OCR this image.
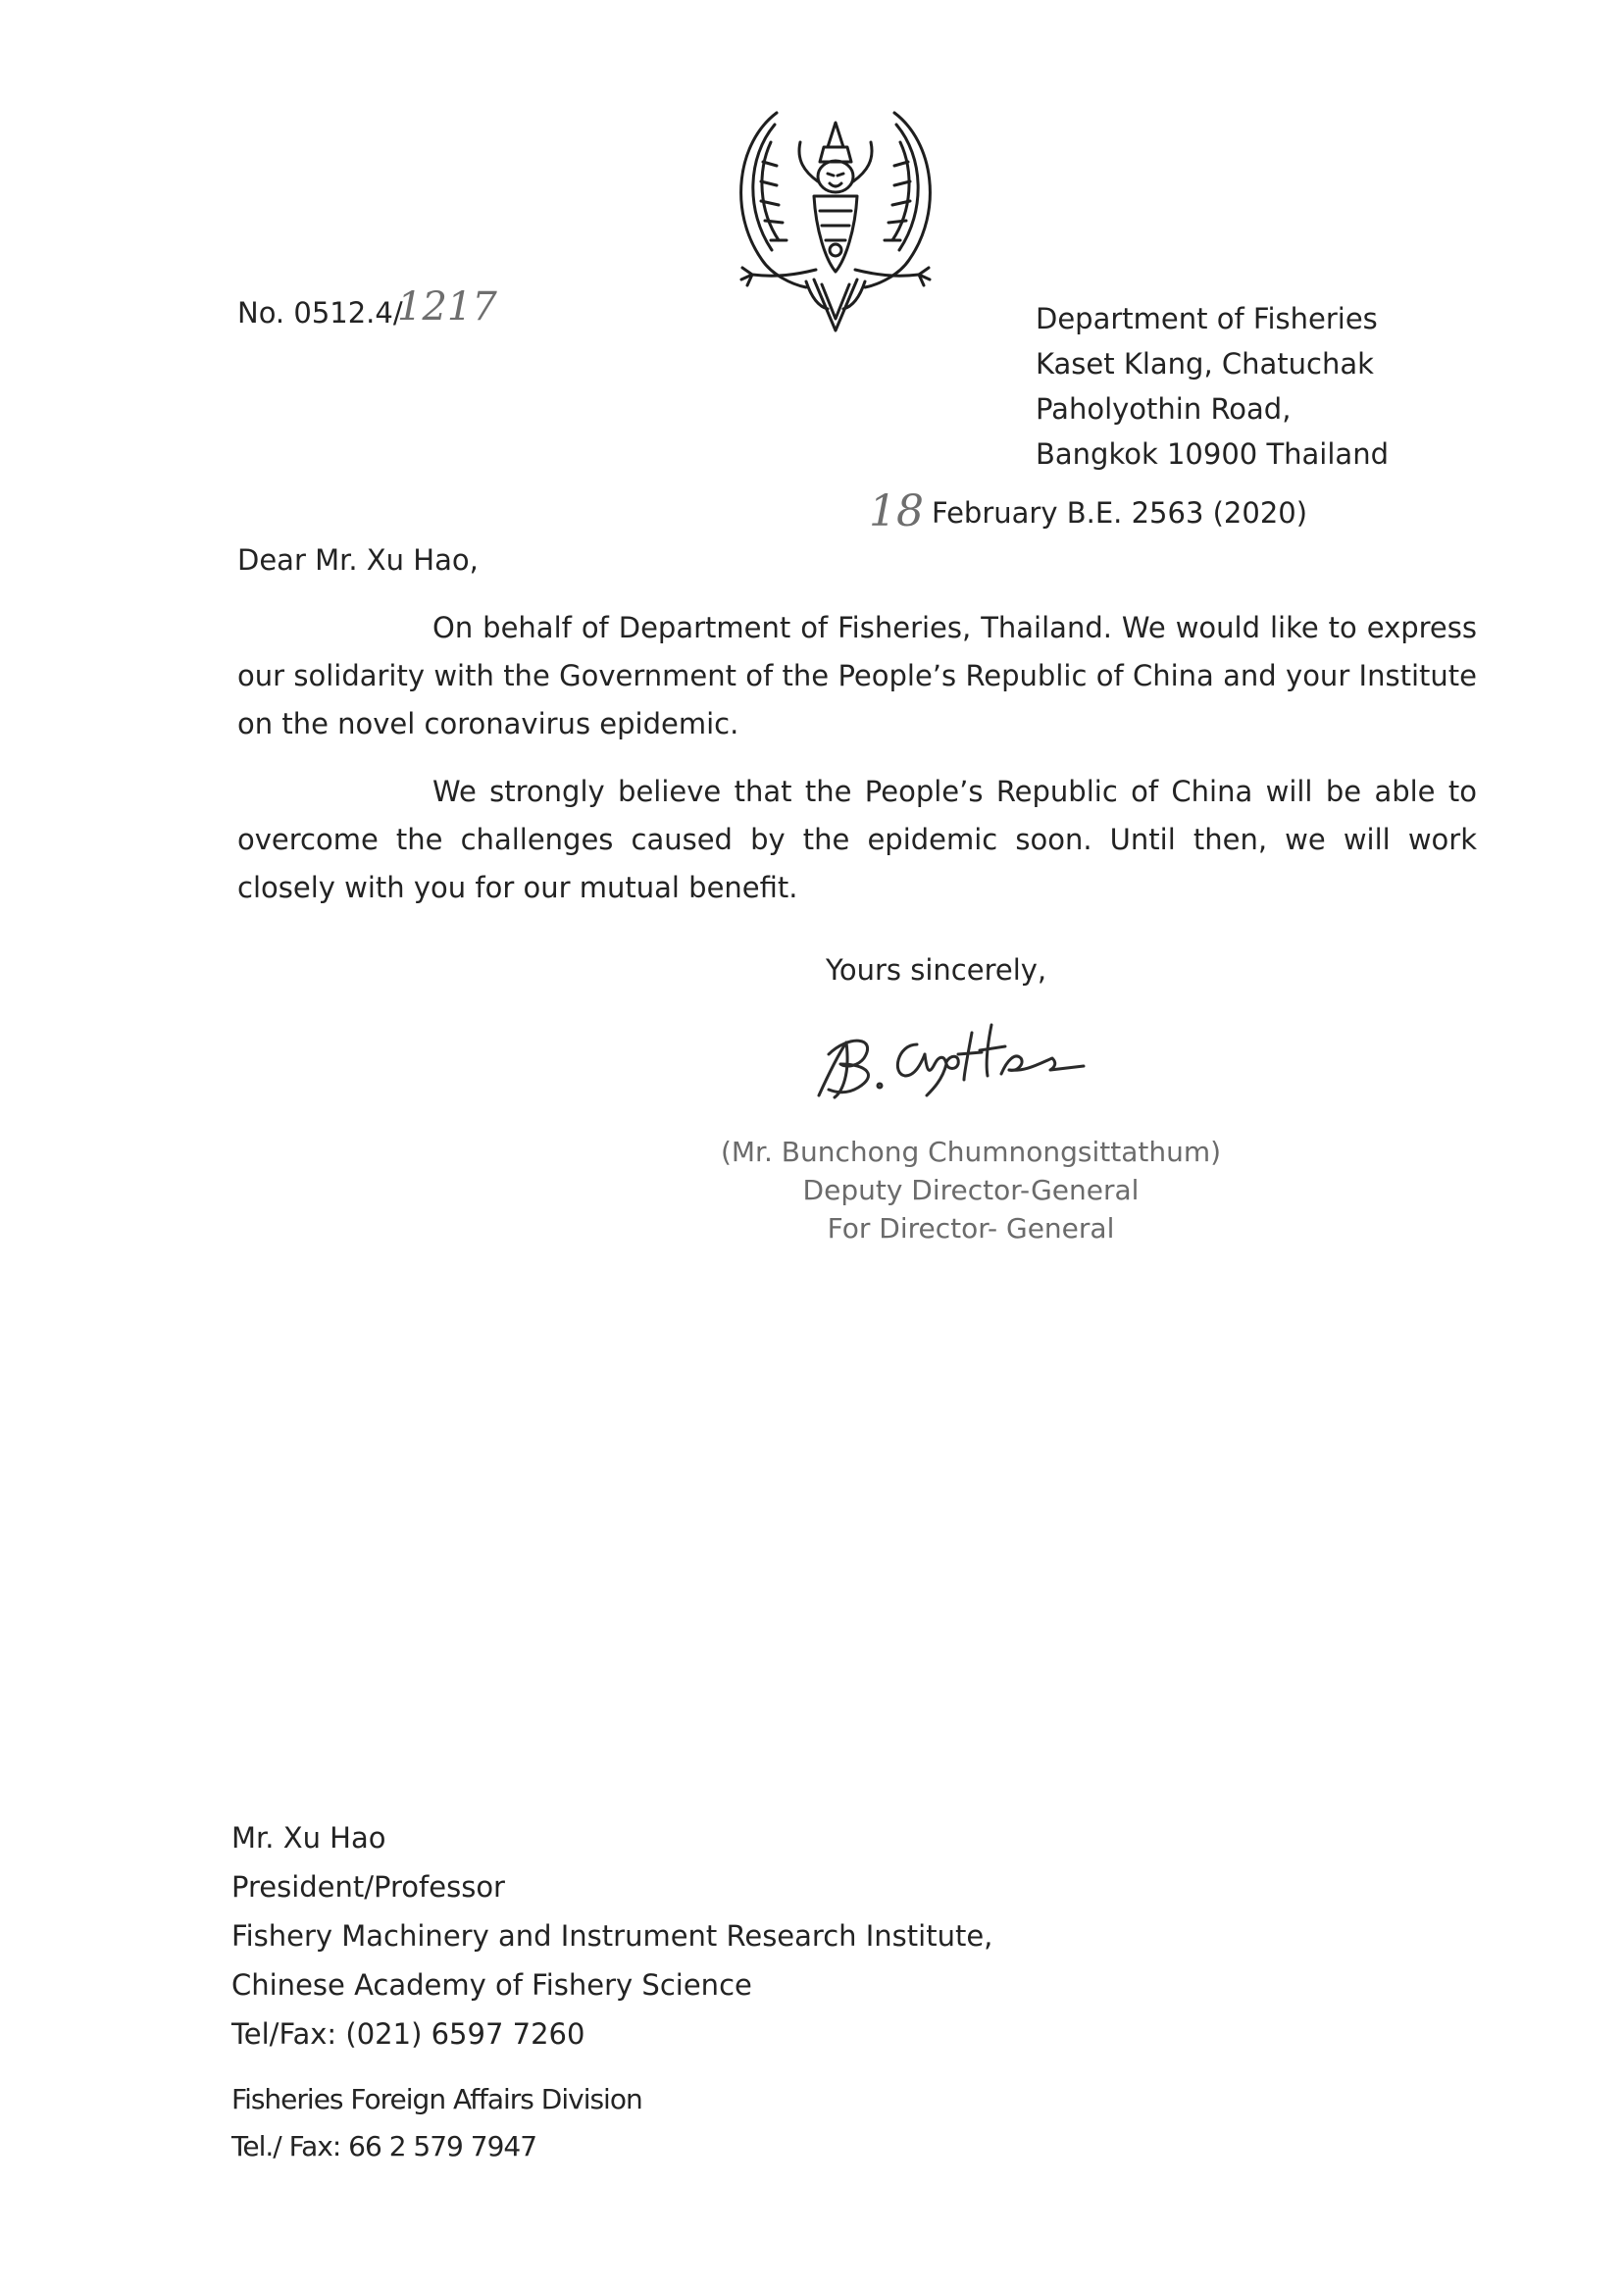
No. 0512.4/

1217	Department of Fisheries
Kaset Klang, Chatuchak
Paholyothin Road,
Bangkok 10900 Thailand

18 February B.E. 2563 (2020)

Dear Mr. Xu Hao,

On behalf of Department of Fisheries, Thailand. We would like to express our solidarity with the Government of the People’s Republic of China and your Institute on the novel coronavirus epidemic.

We strongly believe that the People’s Republic of China will be able to overcome the challenges caused by the epidemic soon. Until then, we will work closely with you for our mutual benefit.

Yours sincerely,

(Mr. Bunchong Chumnongsittathum)
Deputy Director-General
For Director- General
Mr. Xu Hao
President/Professor
Fishery Machinery and Instrument Research Institute,
Chinese Academy of Fishery Science
Tel/Fax: (021) 6597 7260
Fisheries Foreign Affairs Division
Tel./ Fax: 66 2 579 7947
